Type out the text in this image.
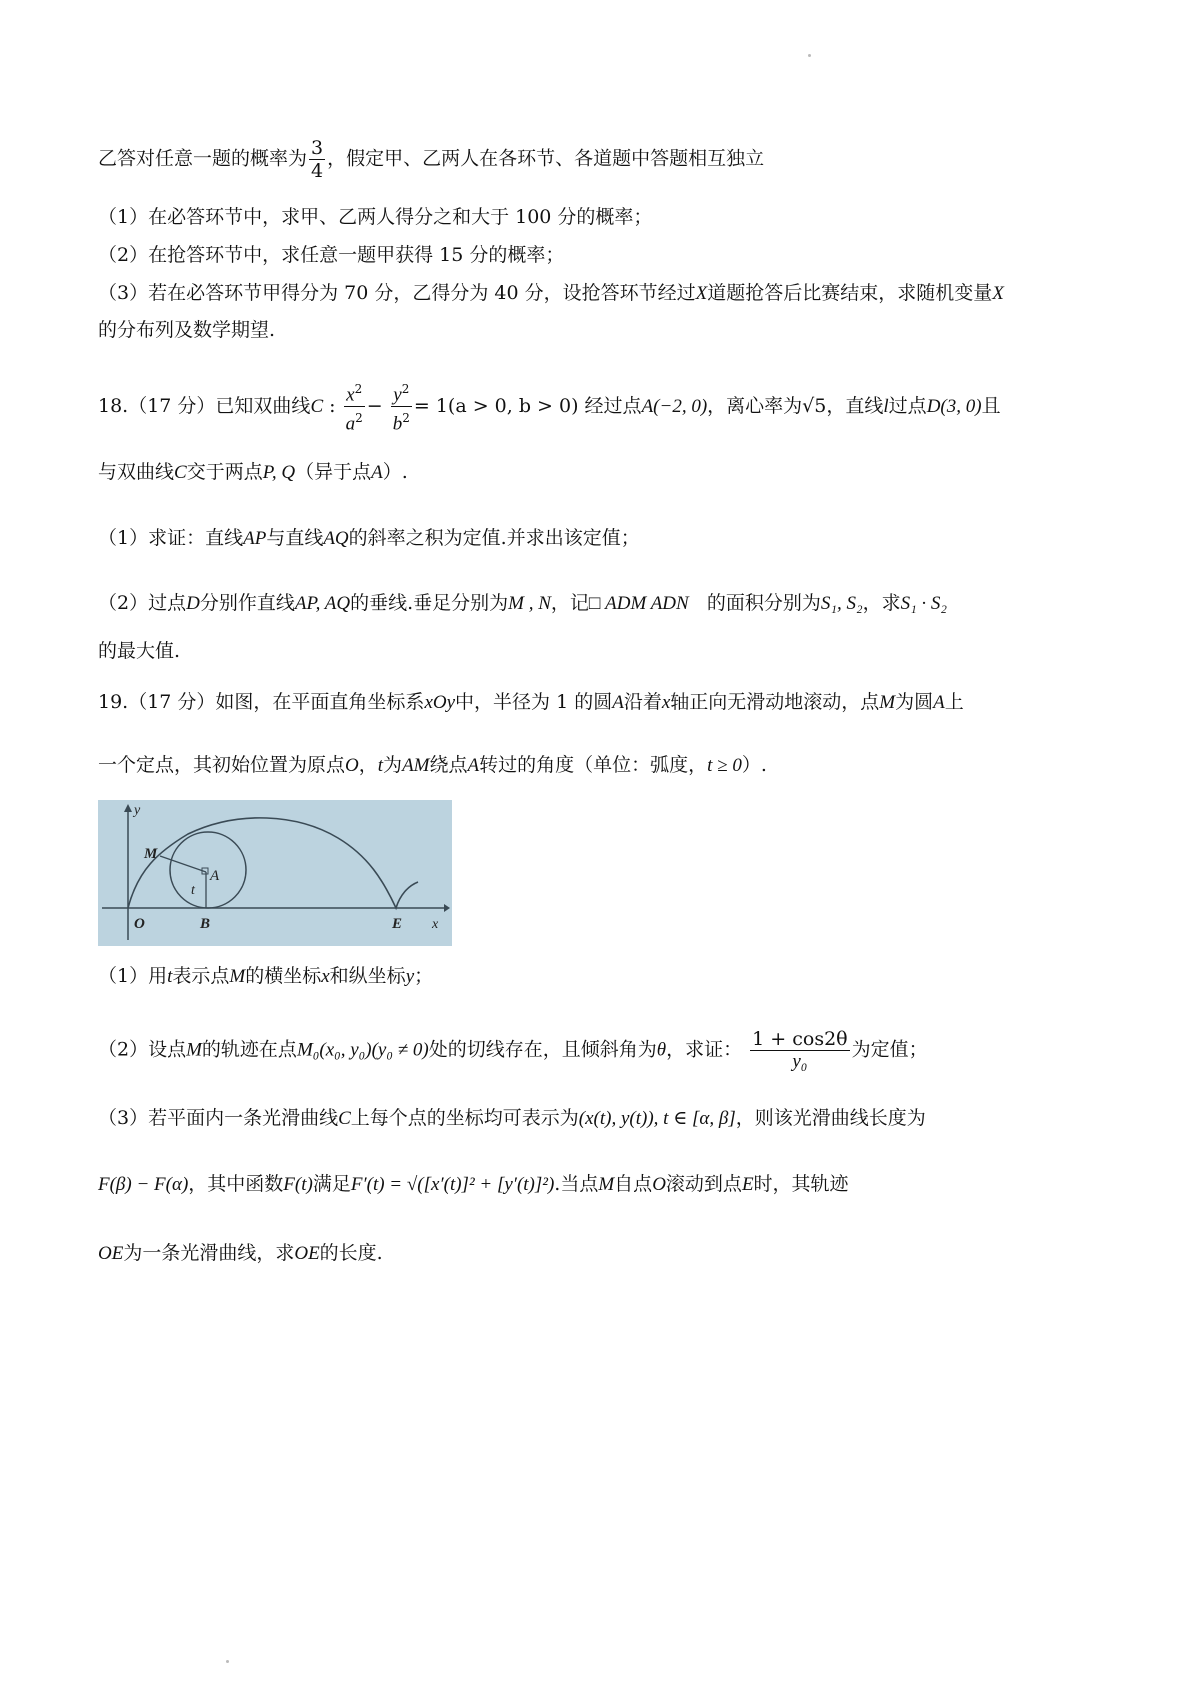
乙答对任意一题的概率为 $\frac{3}{4}$ ，假定甲、乙两人在各环节、各道题中答题相互独立
（1）在必答环节中，求甲、乙两人得分之和大于 100 分的概率；
（2）在抢答环节中，求任意一题甲获得 15 分的概率；
（3）若在必答环节甲得分为 70 分，乙得分为 40 分，设抢答环节经过X道题抢答后比赛结束，求随机变量X
的分布列及数学期望.
18.（17 分）已知双曲线C : $\frac{x^2}{a^2} - \frac{y^2}{b^2} = 1(a > 0$, b > 0) 经过点A(−2, 0)，离心率为√5，直线l过点D(3, 0)且
与双曲线C交于两点P, Q（异于点A）.
（1）求证：直线AP与直线AQ的斜率之积为定值.并求出该定值；
（2）过点D分别作直线AP, AQ的垂线.垂足分别为M , N，记□ ADM ADN 的面积分别为S₁, S₂，求S₁ · S₂
的最大值.
19.（17 分）如图，在平面直角坐标系xOy中，半径为 1 的圆A沿着x轴正向无滑动地滚动，点M为圆A上
一个定点，其初始位置为原点O，t为AM绕点A转过的角度（单位：弧度，t ≥ 0）.
y
M
A
t
O	B	E x
（1）用t表示点M的横坐标x和纵坐标y；
（2）设点M的轨迹在点M₀(x₀, y₀)(y₀ ≠ 0)处的切线存在，且倾斜角为θ，求证： $\frac{1 + \cos 2\theta}{\text{y₀}}$ 为定值；
（3）若平面内一条光滑曲线C上每个点的坐标均可表示为(x(t), y(t)), t ∈ [α, β]，则该光滑曲线长度为
F(β) − F(α)，其中函数F(t)满足F′(t) = √([x′(t)]² + [y′(t)]²).当点M自点O滚动到点E时，其轨迹
OE为一条光滑曲线，求OE的长度.
